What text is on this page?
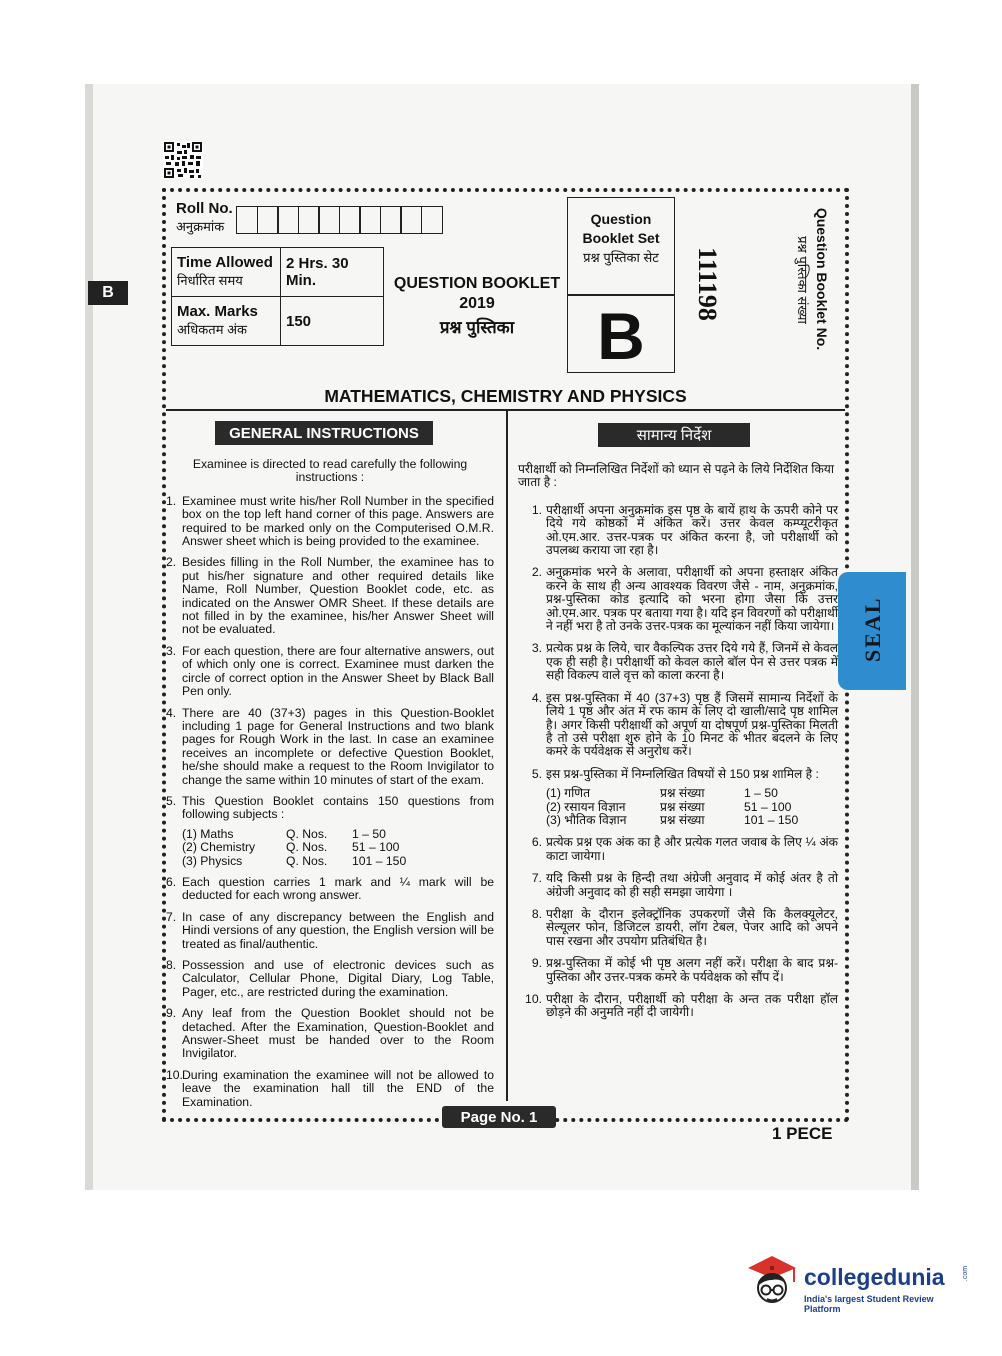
B
Roll No.
अनुक्रमांक
Time Allowed
निर्धारित समय	2 Hrs. 30 Min.

Max. Marks
अधिकतम अंक	150
QUESTION BOOKLET
2019
प्रश्न पुस्तिका
Question
Booklet Set
प्रश्न पुस्तिका सेट
B
111198	प्रश्न पुस्तिका संख्या Question Booklet No.
MATHEMATICS, CHEMISTRY AND PHYSICS
GENERAL INSTRUCTIONS	सामान्य निर्देश
Examinee is directed to read carefully the following instructions :
1. Examinee must write his/her Roll Number in the specified box on the top left hand corner of this page. Answers are required to be marked only on the Computerised O.M.R. Answer sheet which is being provided to the examinee.
2. Besides filling in the Roll Number, the examinee has to put his/her signature and other required details like Name, Roll Number, Question Booklet code, etc. as indicated on the Answer OMR Sheet. If these details are not filled in by the examinee, his/her Answer Sheet will not be evaluated.
3. For each question, there are four alternative answers, out of which only one is correct. Examinee must darken the circle of correct option in the Answer Sheet by Black Ball Pen only.
4. There are 40 (37+3) pages in this Question-Booklet including 1 page for General Instructions and two blank pages for Rough Work in the last. In case an examinee receives an incomplete or defective Question Booklet, he/she should make a request to the Room Invigilator to change the same within 10 minutes of start of the exam.
5. This Question Booklet contains 150 questions from following subjects :
(1) Maths	Q. Nos.	1 – 50
(2) Chemistry	Q. Nos.	51 – 100
(3) Physics	Q. Nos.	101 – 150
6. Each question carries 1 mark and ¼ mark will be deducted for each wrong answer.
7. In case of any discrepancy between the English and Hindi versions of any question, the English version will be treated as final/authentic.
8. Possession and use of electronic devices such as Calculator, Cellular Phone, Digital Diary, Log Table, Pager, etc., are restricted during the examination.
9. Any leaf from the Question Booklet should not be detached. After the Examination, Question-Booklet and Answer-Sheet must be handed over to the Room Invigilator.
10. During examination the examinee will not be allowed to leave the examination hall till the END of the Examination.
परीक्षार्थी को निम्नलिखित निर्देशों को ध्यान से पढ़ने के लिये निर्देशित किया जाता है :
1. परीक्षार्थी अपना अनुक्रमांक इस पृष्ठ के बायें हाथ के ऊपरी कोने पर दिये गये कोष्ठकों में अंकित करें। उत्तर केवल कम्प्यूटरीकृत ओ.एम.आर. उत्तर-पत्रक पर अंकित करना है, जो परीक्षार्थी को उपलब्ध कराया जा रहा है।
2. अनुक्रमांक भरने के अलावा, परीक्षार्थी को अपना हस्ताक्षर अंकित करने के साथ ही अन्य आवश्यक विवरण जैसे - नाम, अनुक्रमांक, प्रश्न-पुस्तिका कोड इत्यादि को भरना होगा जैसा कि उत्तर ओ.एम.आर. पत्रक पर बताया गया है। यदि इन विवरणों को परीक्षार्थी ने नहीं भरा है तो उनके उत्तर-पत्रक का मूल्यांकन नहीं किया जायेगा।
3. प्रत्येक प्रश्न के लिये, चार वैकल्पिक उत्तर दिये गये हैं, जिनमें से केवल एक ही सही है। परीक्षार्थी को केवल काले बॉल पेन से उत्तर पत्रक में सही विकल्प वाले वृत्त को काला करना है।
4. इस प्रश्न-पुस्तिका में 40 (37+3) पृष्ठ हैं जिसमें सामान्य निर्देशों के लिये 1 पृष्ठ और अंत में रफ काम के लिए दो खाली/सादे पृष्ठ शामिल है। अगर किसी परीक्षार्थी को अपूर्ण या दोषपूर्ण प्रश्न-पुस्तिका मिलती है तो उसे परीक्षा शुरु होने के 10 मिनट के भीतर बदलने के लिए कमरे के पर्यवेक्षक से अनुरोध करें।
5. इस प्रश्न-पुस्तिका में निम्नलिखित विषयों से 150 प्रश्न शामिल है :
(1) गणित	प्रश्न संख्या	1 – 50
(2) रसायन विज्ञान	प्रश्न संख्या	51 – 100
(3) भौतिक विज्ञान	प्रश्न संख्या	101 – 150
6. प्रत्येक प्रश्न एक अंक का है और प्रत्येक गलत जवाब के लिए ¼ अंक काटा जायेगा।
7. यदि किसी प्रश्न के हिन्दी तथा अंग्रेजी अनुवाद में कोई अंतर है तो अंग्रेजी अनुवाद को ही सही समझा जायेगा ।
8. परीक्षा के दौरान इलेक्ट्रॉनिक उपकरणों जैसे कि कैलक्यूलेटर, सेल्यूलर फोन, डिजिटल डायरी, लॉग टेबल, पेजर आदि को अपने पास रखना और उपयोग प्रतिबंधित है।
9. प्रश्न-पुस्तिका में कोई भी पृष्ठ अलग नहीं करें। परीक्षा के बाद प्रश्न-पुस्तिका और उत्तर-पत्रक कमरे के पर्यवेक्षक को सौंप दें।
10. परीक्षा के दौरान, परीक्षार्थी को परीक्षा के अन्त तक परीक्षा हॉल छोड़ने की अनुमति नहीं दी जायेगी।
Page No. 1
1 PECE
SEAL
collegedunia .com
India's largest Student Review Platform
